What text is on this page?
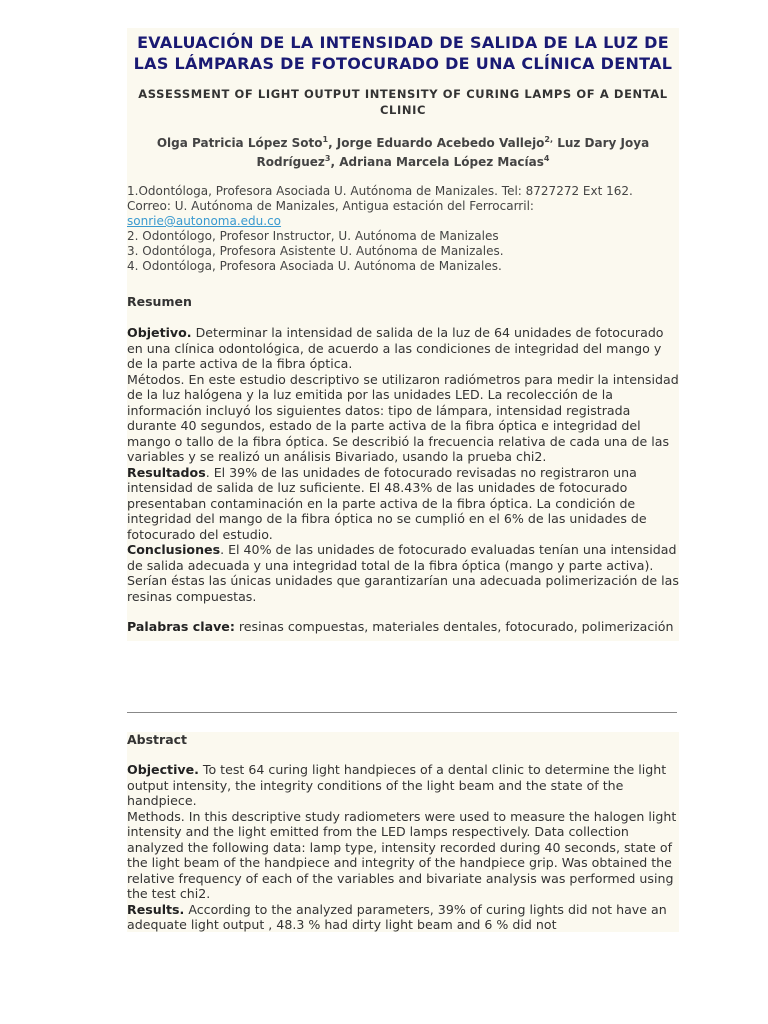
EVALUACIÓN DE LA INTENSIDAD DE SALIDA DE LA LUZ DE LAS LÁMPARAS DE FOTOCURADO DE UNA CLÍNICA DENTAL
ASSESSMENT OF LIGHT OUTPUT INTENSITY OF CURING LAMPS OF A DENTAL CLINIC
Olga Patricia López Soto$^1$, Jorge Eduardo Acebedo Vallejo$^{2,}$ Luz Dary Joya Rodríguez$^3$, Adriana Marcela López Macías$^4$
1.Odontóloga, Profesora Asociada U. Autónoma de Manizales. Tel: 8727272 Ext 162.
Correo: U. Autónoma de Manizales, Antigua estación del Ferrocarril: sonrie@autonoma.edu.co
2. Odontólogo, Profesor Instructor, U. Autónoma de Manizales
3. Odontóloga, Profesora Asistente U. Autónoma de Manizales.
4. Odontóloga, Profesora Asociada U. Autónoma de Manizales.
Resumen
Objetivo. Determinar la intensidad de salida de la luz de 64 unidades de fotocurado en una clínica odontológica, de acuerdo a las condiciones de integridad del mango y de la parte activa de la fibra óptica.
Métodos. En este estudio descriptivo se utilizaron radiómetros para medir la intensidad de la luz halógena y la luz emitida por las unidades LED. La recolección de la información incluyó los siguientes datos: tipo de lámpara, intensidad registrada durante 40 segundos, estado de la parte activa de la fibra óptica e integridad del mango o tallo de la fibra óptica. Se describió la frecuencia relativa de cada una de las variables y se realizó un análisis Bivariado, usando la prueba chi2.
Resultados. El 39% de las unidades de fotocurado revisadas no registraron una intensidad de salida de luz suficiente. El 48.43% de las unidades de fotocurado presentaban contaminación en la parte activa de la fibra óptica. La condición de integridad del mango de la fibra óptica no se cumplió en el 6% de las unidades de fotocurado del estudio.
Conclusiones. El 40% de las unidades de fotocurado evaluadas tenían una intensidad de salida adecuada y una integridad total de la fibra óptica (mango y parte activa). Serían éstas las únicas unidades que garantizarían una adecuada polimerización de las resinas compuestas.
Palabras clave: resinas compuestas, materiales dentales, fotocurado, polimerización
Abstract
Objective. To test 64 curing light handpieces of a dental clinic to determine the light output intensity, the integrity conditions of the light beam and the state of the handpiece.
Methods. In this descriptive study radiometers were used to measure the halogen light intensity and the light emitted from the LED lamps respectively. Data collection analyzed the following data: lamp type, intensity recorded during 40 seconds, state of the light beam of the handpiece and integrity of the handpiece grip. Was obtained the relative frequency of each of the variables and bivariate analysis was performed using the test chi2.
Results. According to the analyzed parameters, 39% of curing lights did not have an adequate light output , 48.3 % had dirty light beam and 6 % did not
